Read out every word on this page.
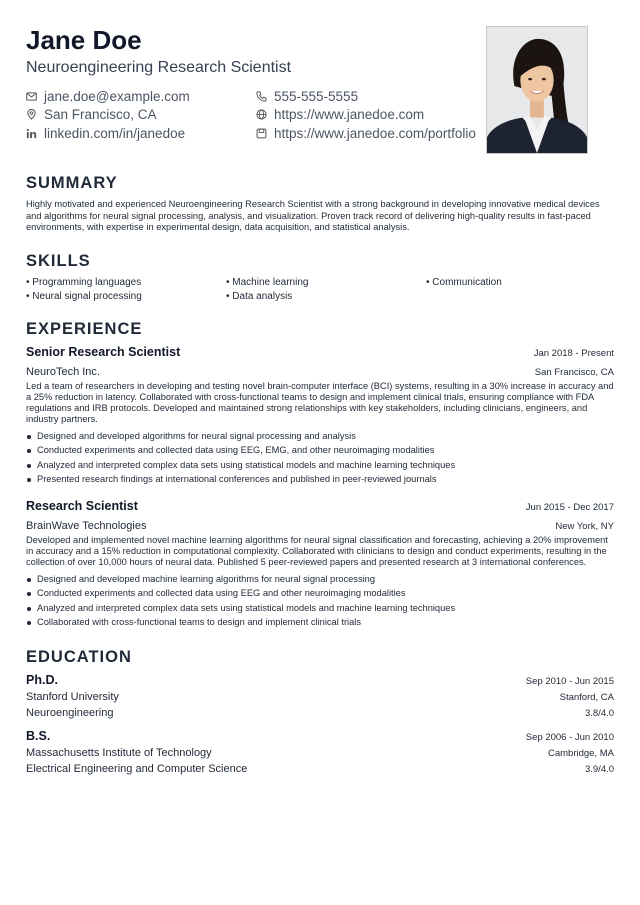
Jane Doe
Neuroengineering Research Scientist
jane.doe@example.com
San Francisco, CA
linkedin.com/in/janedoe
555-555-5555
https://www.janedoe.com
https://www.janedoe.com/portfolio
SUMMARY
Highly motivated and experienced Neuroengineering Research Scientist with a strong background in developing innovative medical devices and algorithms for neural signal processing, analysis, and visualization. Proven track record of delivering high-quality results in fast-paced environments, with expertise in experimental design, data acquisition, and statistical analysis.
SKILLS
• Programming languages	• Machine learning	• Communication
• Neural signal processing	• Data analysis
EXPERIENCE
Senior Research Scientist	Jan 2018 - Present
NeuroTech Inc.	San Francisco, CA
Led a team of researchers in developing and testing novel brain-computer interface (BCI) systems, resulting in a 30% increase in accuracy and a 25% reduction in latency. Collaborated with cross-functional teams to design and implement clinical trials, ensuring compliance with FDA regulations and IRB protocols. Developed and maintained strong relationships with key stakeholders, including clinicians, engineers, and industry partners.
Designed and developed algorithms for neural signal processing and analysis
Conducted experiments and collected data using EEG, EMG, and other neuroimaging modalities
Analyzed and interpreted complex data sets using statistical models and machine learning techniques
Presented research findings at international conferences and published in peer-reviewed journals
Research Scientist	Jun 2015 - Dec 2017
BrainWave Technologies	New York, NY
Developed and implemented novel machine learning algorithms for neural signal classification and forecasting, achieving a 20% improvement in accuracy and a 15% reduction in computational complexity. Collaborated with clinicians to design and conduct experiments, resulting in the collection of over 10,000 hours of neural data. Published 5 peer-reviewed papers and presented research at 3 international conferences.
Designed and developed machine learning algorithms for neural signal processing
Conducted experiments and collected data using EEG and other neuroimaging modalities
Analyzed and interpreted complex data sets using statistical models and machine learning techniques
Collaborated with cross-functional teams to design and implement clinical trials
EDUCATION
Ph.D.	Sep 2010 - Jun 2015
Stanford University	Stanford, CA
Neuroengineering	3.8/4.0
B.S.	Sep 2006 - Jun 2010
Massachusetts Institute of Technology	Cambridge, MA
Electrical Engineering and Computer Science	3.9/4.0
